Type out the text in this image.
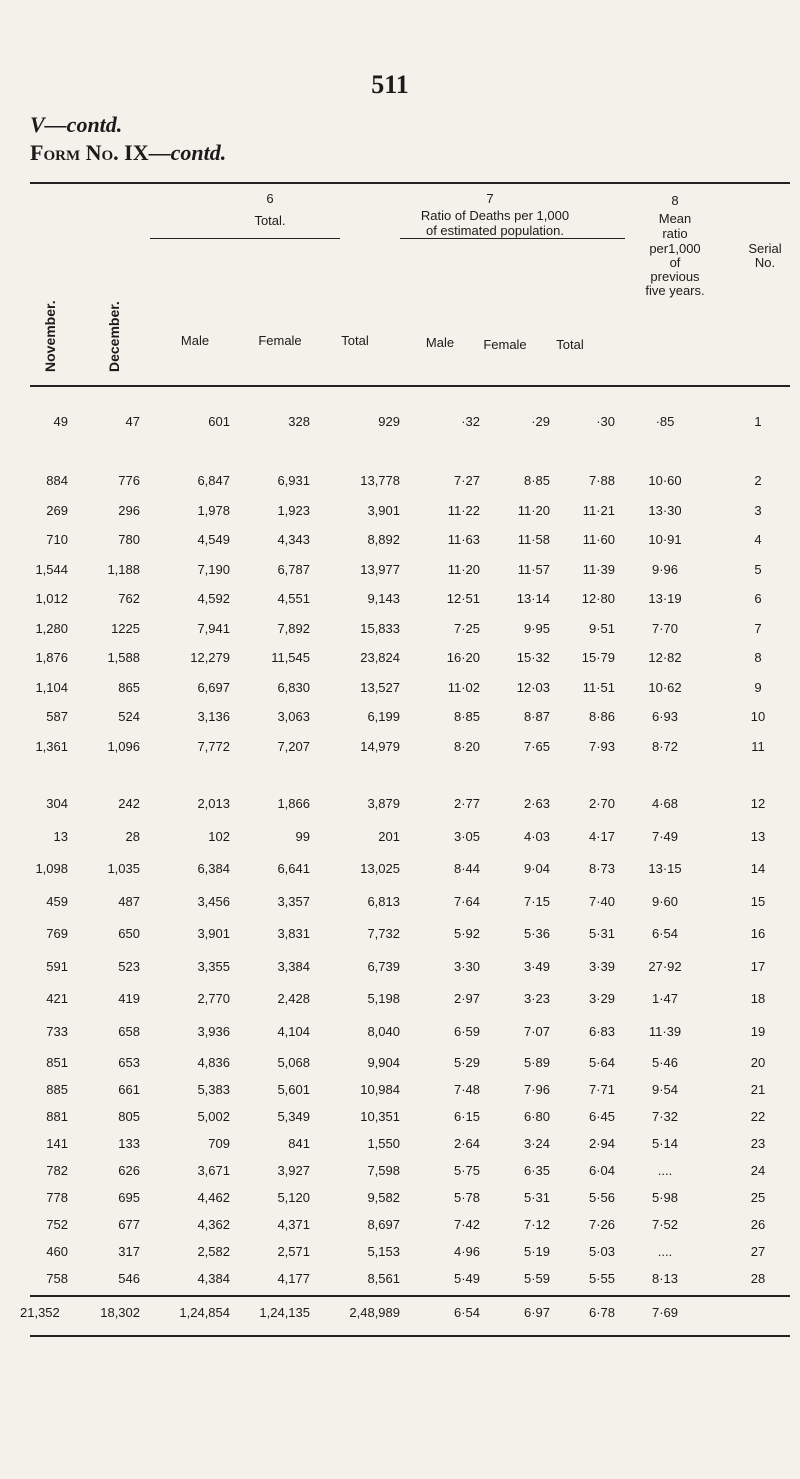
511
V—contd.
Form No. IX—contd.
6
Total.
7
Ratio of Deaths per 1,000
of estimated population.
8
Mean
ratio
per1,000
of
previous
five years.
Serial
No.
November.	December.	Male	Female	Total	Male	Female	Total
49	47	601	328	929	·32	·29	·30	·85	1
884	776	6,847	6,931	13,778	7·27	8·85	7·88	10·60	2
269	296	1,978	1,923	3,901	11·22	11·20	11·21	13·30	3
710	780	4,549	4,343	8,892	11·63	11·58	11·60	10·91	4
1,544	1,188	7,190	6,787	13,977	11·20	11·57	11·39	9·96	5
1,012	762	4,592	4,551	9,143	12·51	13·14	12·80	13·19	6
1,280	1225	7,941	7,892	15,833	7·25	9·95	9·51	7·70	7
1,876	1,588	12,279	11,545	23,824	16·20	15·32	15·79	12·82	8
1,104	865	6,697	6,830	13,527	11·02	12·03	11·51	10·62	9
587	524	3,136	3,063	6,199	8·85	8·87	8·86	6·93	10
1,361	1,096	7,772	7,207	14,979	8·20	7·65	7·93	8·72	11
304	242	2,013	1,866	3,879	2·77	2·63	2·70	4·68	12
13	28	102	99	201	3·05	4·03	4·17	7·49	13
1,098	1,035	6,384	6,641	13,025	8·44	9·04	8·73	13·15	14
459	487	3,456	3,357	6,813	7·64	7·15	7·40	9·60	15
769	650	3,901	3,831	7,732	5·92	5·36	5·31	6·54	16
591	523	3,355	3,384	6,739	3·30	3·49	3·39	27·92	17
421	419	2,770	2,428	5,198	2·97	3·23	3·29	1·47	18
733	658	3,936	4,104	8,040	6·59	7·07	6·83	11·39	19
851	653	4,836	5,068	9,904	5·29	5·89	5·64	5·46	20
885	661	5,383	5,601	10,984	7·48	7·96	7·71	9·54	21
881	805	5,002	5,349	10,351	6·15	6·80	6·45	7·32	22
141	133	709	841	1,550	2·64	3·24	2·94	5·14	23
782	626	3,671	3,927	7,598	5·75	6·35	6·04	....	24
778	695	4,462	5,120	9,582	5·78	5·31	5·56	5·98	25
752	677	4,362	4,371	8,697	7·42	7·12	7·26	7·52	26
460	317	2,582	2,571	5,153	4·96	5·19	5·03	....	27
758	546	4,384	4,177	8,561	5·49	5·59	5·55	8·13	28
21,352	18,302	1,24,854	1,24,135	2,48,989	6·54	6·97	6·78	7·69
